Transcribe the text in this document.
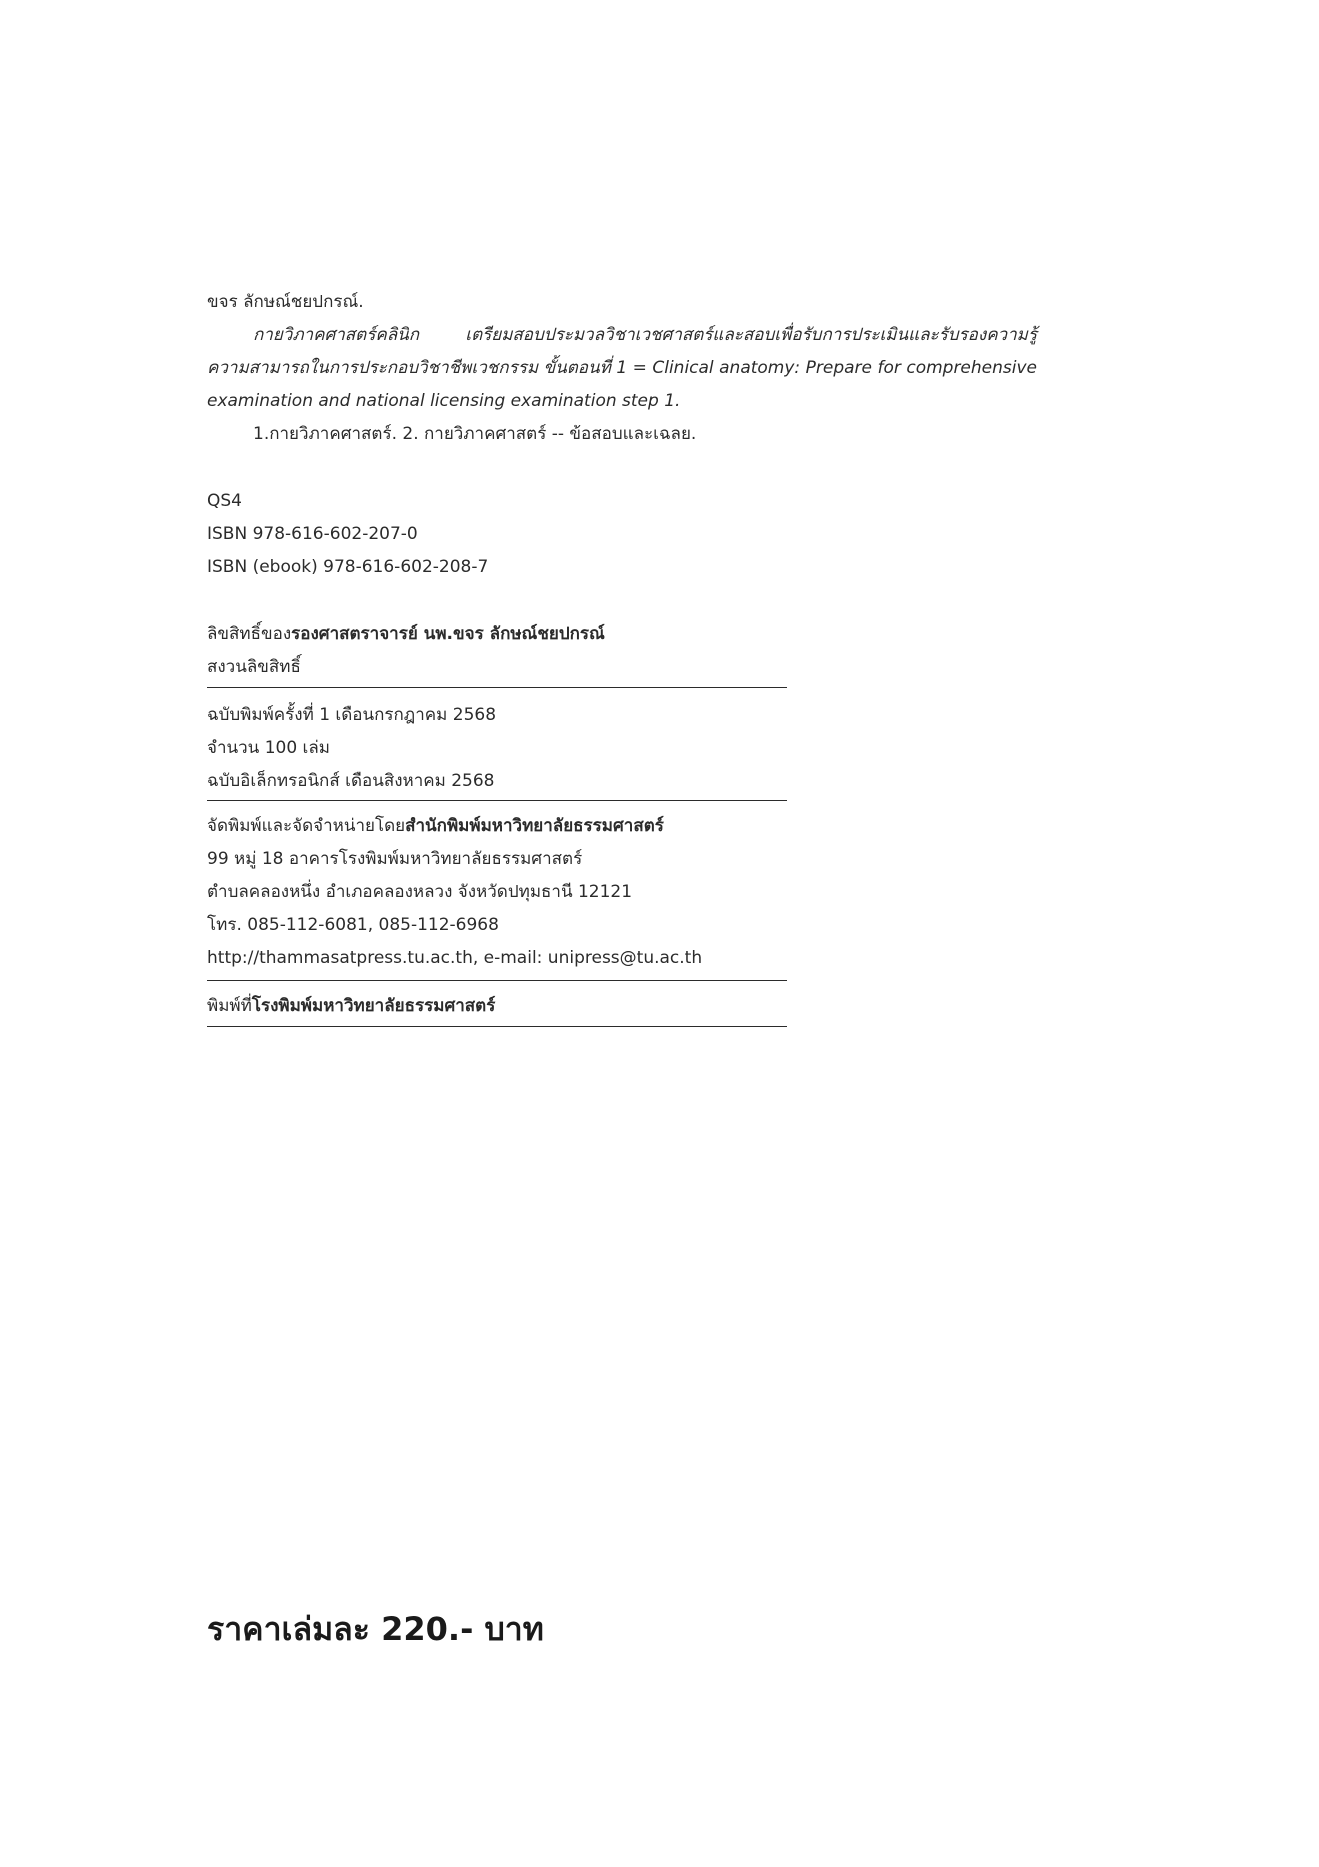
ขจร ลักษณ์ชยปกรณ์.

กายวิภาคศาสตร์คลินิก เตรียมสอบประมวลวิชาเวชศาสตร์และสอบเพื่อรับการประเมินและรับรองความรู้

ความสามารถในการประกอบวิชาชีพเวชกรรม ขั้นตอนที่ 1 = Clinical anatomy: Prepare for comprehensive

examination and national licensing examination step 1.

1.กายวิภาคศาสตร์. 2. กายวิภาคศาสตร์ -- ข้อสอบและเฉลย.

QS4
ISBN 978-616-602-207-0
ISBN (ebook) 978-616-602-208-7
ลิขสิทธิ์ของรองศาสตราจารย์ นพ.ขจร ลักษณ์ชยปกรณ์
สงวนลิขสิทธิ์
ฉบับพิมพ์ครั้งที่ 1 เดือนกรกฎาคม 2568
จำนวน 100 เล่ม
ฉบับอิเล็กทรอนิกส์ เดือนสิงหาคม 2568
จัดพิมพ์และจัดจำหน่ายโดยสำนักพิมพ์มหาวิทยาลัยธรรมศาสตร์
99 หมู่ 18 อาคารโรงพิมพ์มหาวิทยาลัยธรรมศาสตร์
ตำบลคลองหนึ่ง อำเภอคลองหลวง จังหวัดปทุมธานี 12121
โทร. 085-112-6081, 085-112-6968
http://thammasatpress.tu.ac.th, e-mail: unipress@tu.ac.th
พิมพ์ที่โรงพิมพ์มหาวิทยาลัยธรรมศาสตร์
ราคาเล่มละ 220.- บาท
